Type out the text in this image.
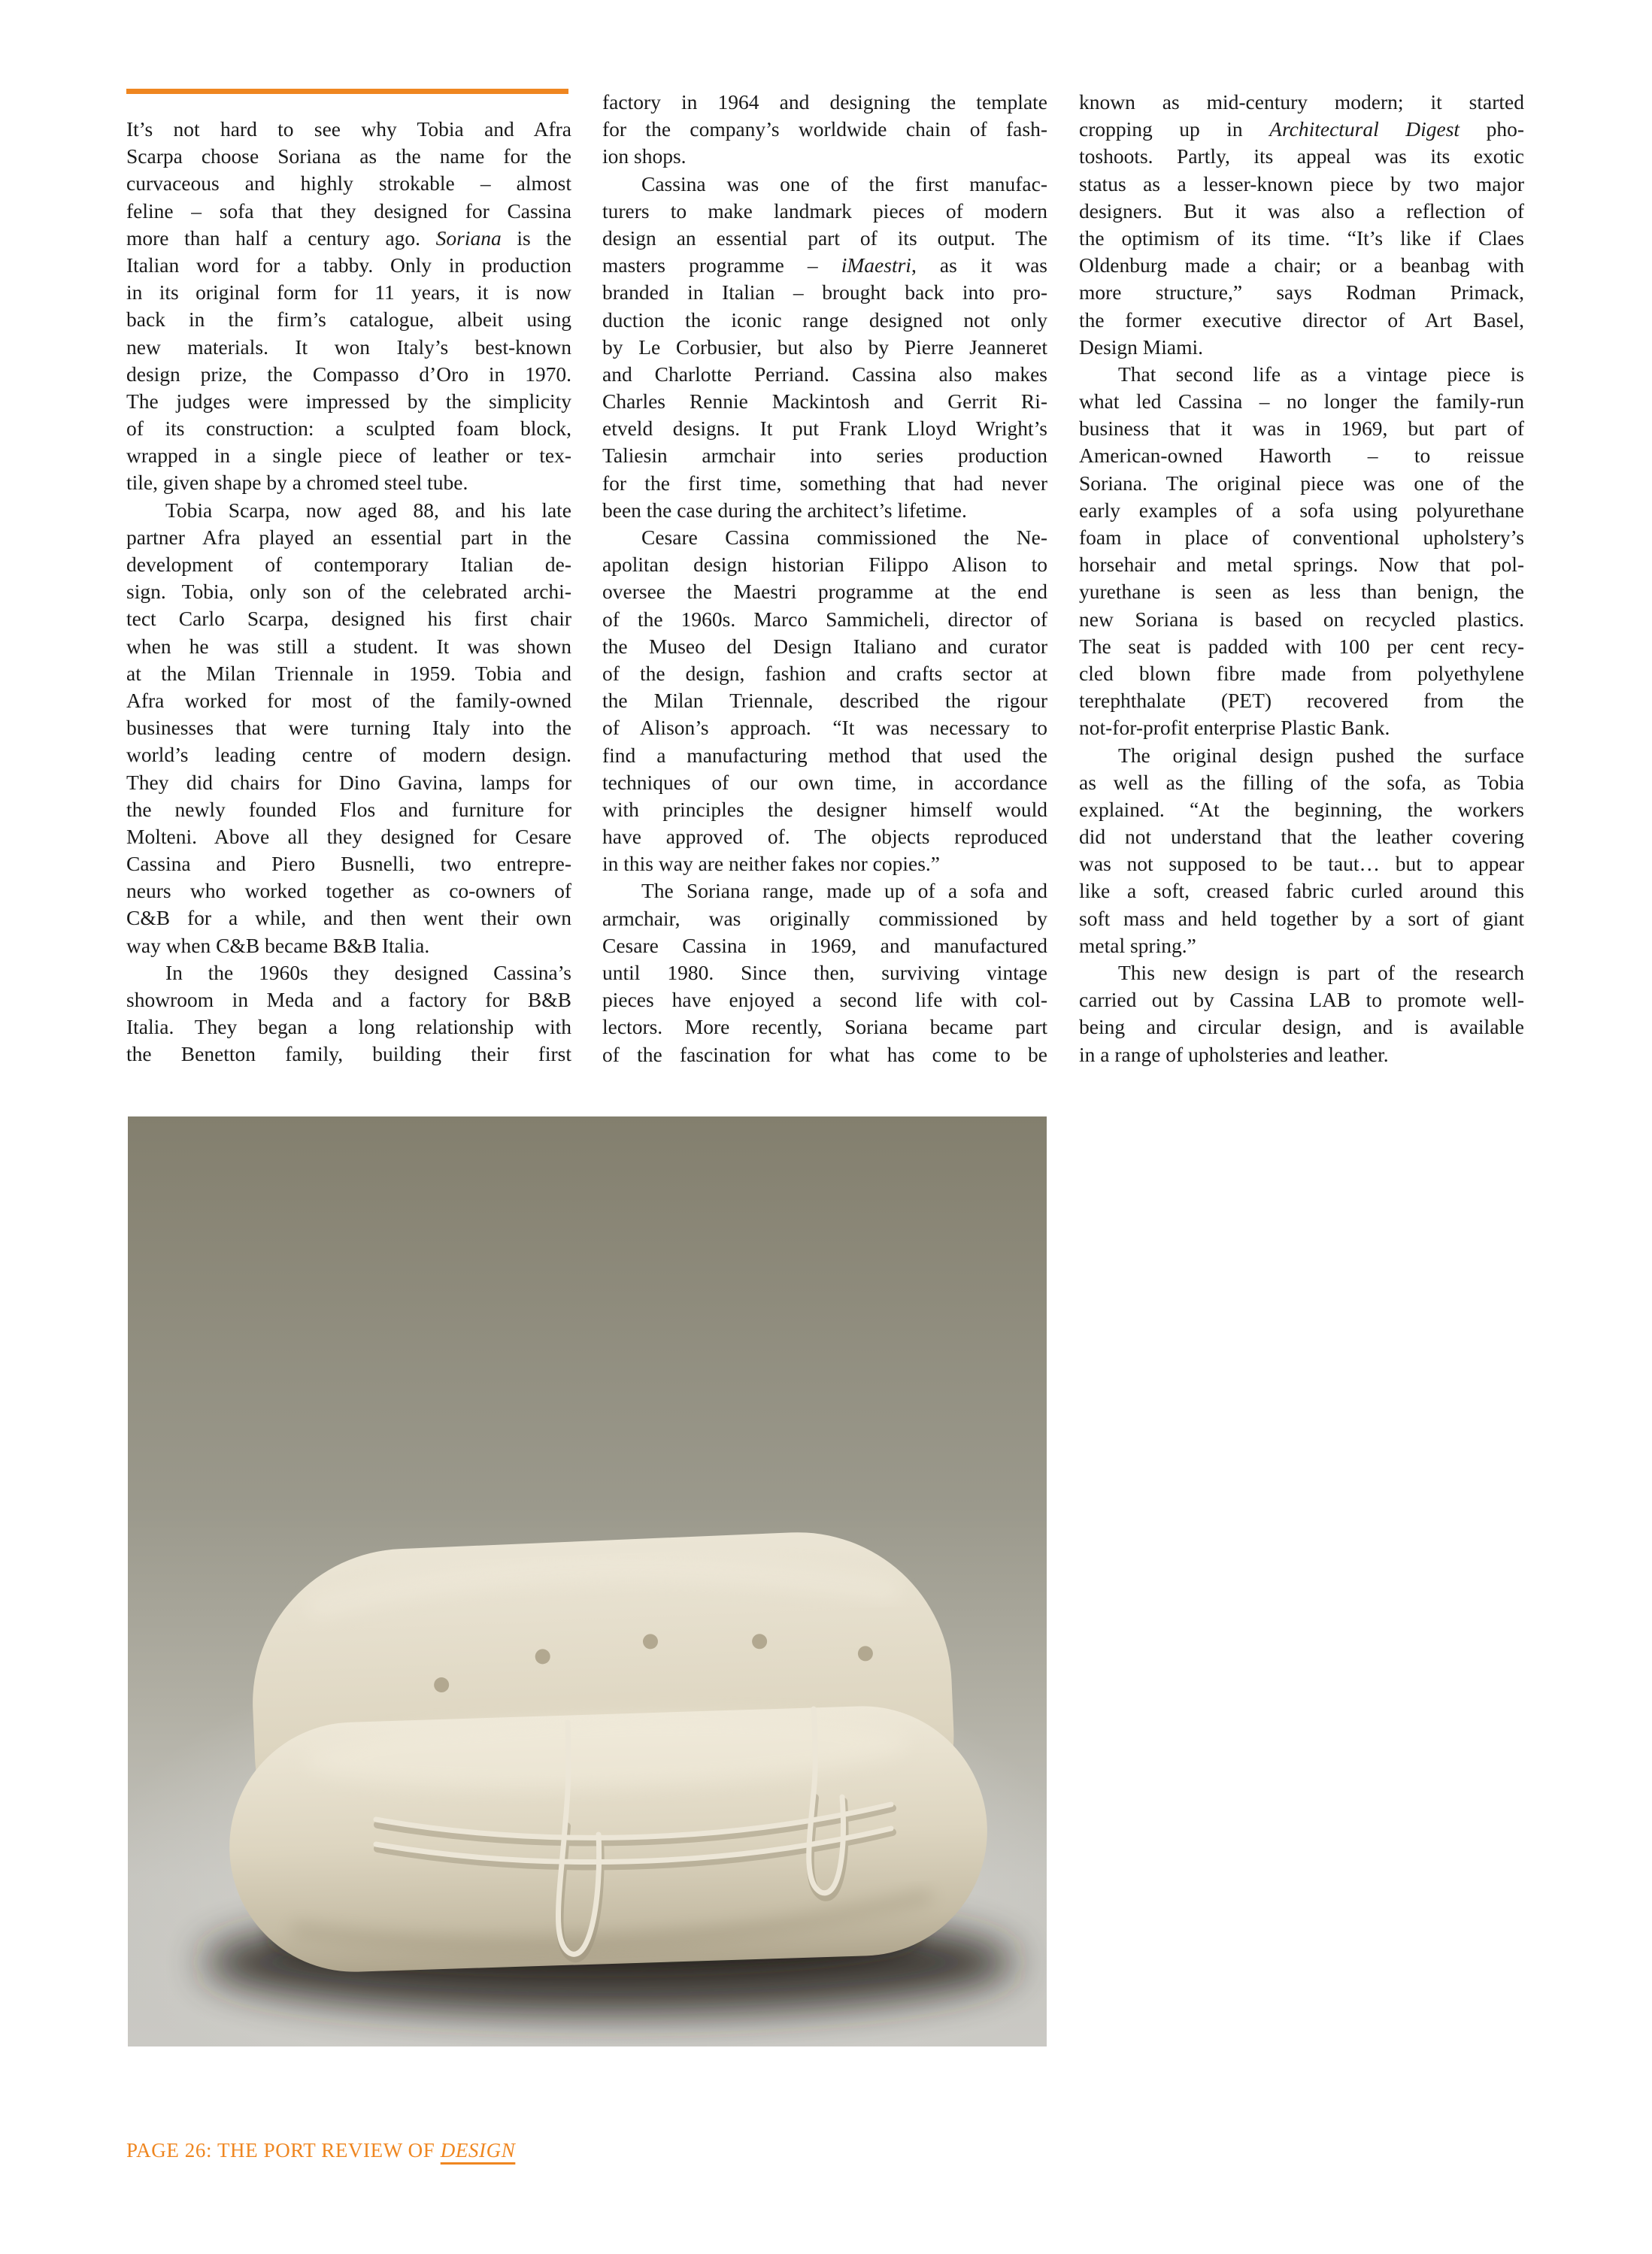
It’s not hard to see why Tobia and Afra
Scarpa choose Soriana as the name for the
curvaceous and highly strokable – almost
feline – sofa that they designed for Cassina
more than half a century ago. Soriana is the
Italian word for a tabby. Only in production
in its original form for 11 years, it is now
back in the firm’s catalogue, albeit using
new materials. It won Italy’s best-known
design prize, the Compasso d’Oro in 1970.
The judges were impressed by the simplicity
of its construction: a sculpted foam block,
wrapped in a single piece of leather or tex-
tile, given shape by a chromed steel tube.
Tobia Scarpa, now aged 88, and his late
partner Afra played an essential part in the
development of contemporary Italian de-
sign. Tobia, only son of the celebrated archi-
tect Carlo Scarpa, designed his first chair
when he was still a student. It was shown
at the Milan Triennale in 1959. Tobia and
Afra worked for most of the family-owned
businesses that were turning Italy into the
world’s leading centre of modern design.
They did chairs for Dino Gavina, lamps for
the newly founded Flos and furniture for
Molteni. Above all they designed for Cesare
Cassina and Piero Busnelli, two entrepre-
neurs who worked together as co-owners of
C&B for a while, and then went their own
way when C&B became B&B Italia.
In the 1960s they designed Cassina’s
showroom in Meda and a factory for B&B
Italia. They began a long relationship with
the Benetton family, building their first
factory in 1964 and designing the template
for the company’s worldwide chain of fash-
ion shops.
Cassina was one of the first manufac-
turers to make landmark pieces of modern
design an essential part of its output. The
masters programme – iMaestri, as it was
branded in Italian – brought back into pro-
duction the iconic range designed not only
by Le Corbusier, but also by Pierre Jeanneret
and Charlotte Perriand. Cassina also makes
Charles Rennie Mackintosh and Gerrit Ri-
etveld designs. It put Frank Lloyd Wright’s
Taliesin armchair into series production
for the first time, something that had never
been the case during the architect’s lifetime.
Cesare Cassina commissioned the Ne-
apolitan design historian Filippo Alison to
oversee the Maestri programme at the end
of the 1960s. Marco Sammicheli, director of
the Museo del Design Italiano and curator
of the design, fashion and crafts sector at
the Milan Triennale, described the rigour
of Alison’s approach. “It was necessary to
find a manufacturing method that used the
techniques of our own time, in accordance
with principles the designer himself would
have approved of. The objects reproduced
in this way are neither fakes nor copies.”
The Soriana range, made up of a sofa and
armchair, was originally commissioned by
Cesare Cassina in 1969, and manufactured
until 1980. Since then, surviving vintage
pieces have enjoyed a second life with col-
lectors. More recently, Soriana became part
of the fascination for what has come to be
known as mid-century modern; it started
cropping up in Architectural Digest pho-
toshoots. Partly, its appeal was its exotic
status as a lesser-known piece by two major
designers. But it was also a reflection of
the optimism of its time. “It’s like if Claes
Oldenburg made a chair; or a beanbag with
more structure,” says Rodman Primack,
the former executive director of Art Basel,
Design Miami.
That second life as a vintage piece is
what led Cassina – no longer the family-run
business that it was in 1969, but part of
American-owned Haworth – to reissue
Soriana. The original piece was one of the
early examples of a sofa using polyurethane
foam in place of conventional upholstery’s
horsehair and metal springs. Now that pol-
yurethane is seen as less than benign, the
new Soriana is based on recycled plastics.
The seat is padded with 100 per cent recy-
cled blown fibre made from polyethylene
terephthalate (PET) recovered from the
not-for-profit enterprise Plastic Bank.
The original design pushed the surface
as well as the filling of the sofa, as Tobia
explained. “At the beginning, the workers
did not understand that the leather covering
was not supposed to be taut… but to appear
like a soft, creased fabric curled around this
soft mass and held together by a sort of giant
metal spring.”
This new design is part of the research
carried out by Cassina LAB to promote well-
being and circular design, and is available
in a range of upholsteries and leather.
PAGE 26: THE PORT REVIEW OF DESIGN
